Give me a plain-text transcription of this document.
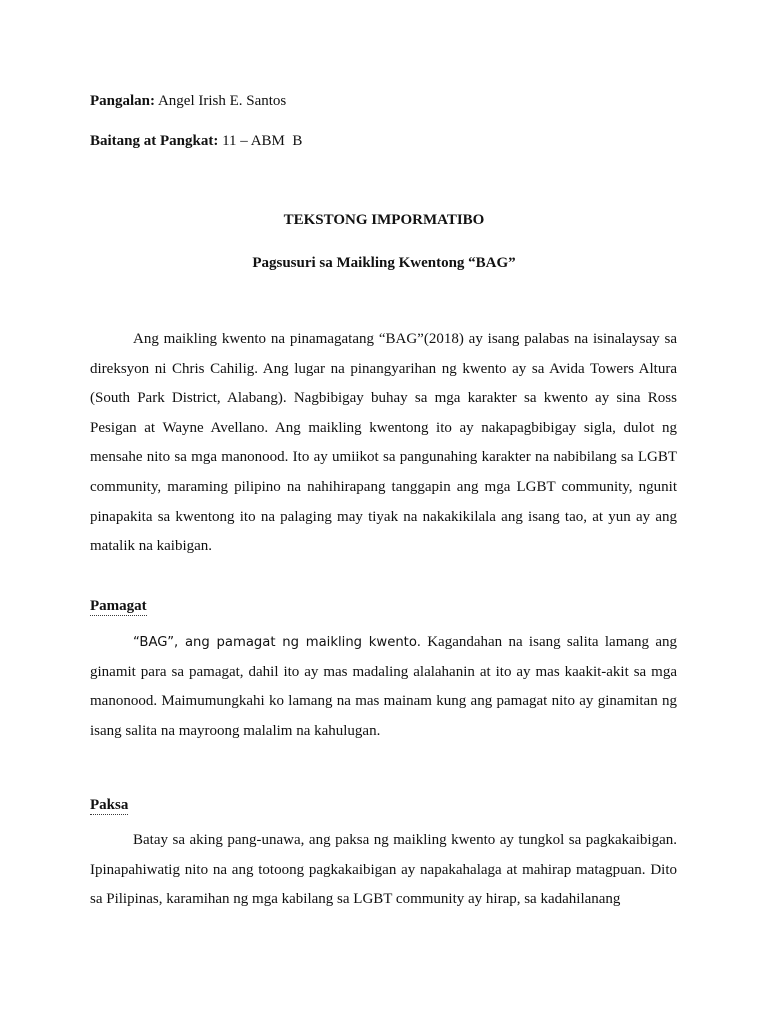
Pangalan: Angel Irish E. Santos
Baitang at Pangkat: 11 – ABM  B
TEKSTONG IMPORMATIBO
Pagsusuri sa Maikling Kwentong “BAG”

Ang maikling kwento na pinamagatang “BAG”(2018) ay isang palabas na isinalaysay sa direksyon ni Chris Cahilig. Ang lugar na pinangyarihan ng kwento ay sa Avida Towers Altura (South Park District, Alabang). Nagbibigay buhay sa mga karakter sa kwento ay sina Ross Pesigan at Wayne Avellano. Ang maikling kwentong ito ay nakapagbibigay sigla, dulot ng mensahe nito sa mga manonood. Ito ay umiikot sa pangunahing karakter na nabibilang sa LGBT community, maraming pilipino na nahihirapang tanggapin ang mga LGBT community, ngunit pinapakita sa kwentong ito na palaging may tiyak na nakakikilala ang isang tao, at yun ay ang matalik na kaibigan.

Pamagat

“BAG”, ang pamagat ng maikling kwento. Kagandahan na isang salita lamang ang ginamit para sa pamagat, dahil ito ay mas madaling alalahanin at ito ay mas kaakit-akit sa mga manonood. Maimumungkahi ko lamang na mas mainam kung ang pamagat nito ay ginamitan ng isang salita na mayroong malalim na kahulugan.

Paksa

Batay sa aking pang-unawa, ang paksa ng maikling kwento ay tungkol sa pagkakaibigan. Ipinapahiwatig nito na ang totoong pagkakaibigan ay napakahalaga at mahirap matagpuan. Dito sa Pilipinas, karamihan ng mga kabilang sa LGBT community ay hirap, sa kadahilanang
